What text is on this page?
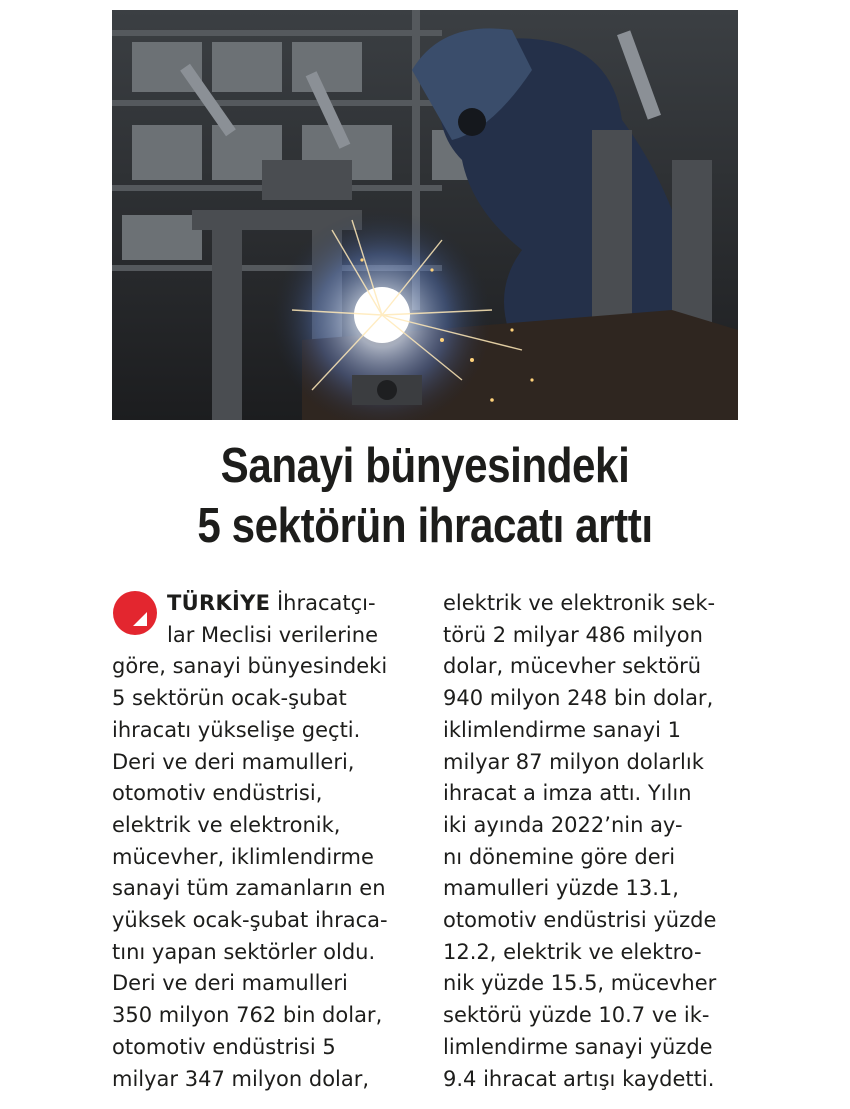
Sanayi bünyesindeki
5 sektörün ihracatı arttı
TÜRKİYE İhracatçı-
lar Meclisi verilerine
göre, sanayi bünyesindeki
5 sektörün ocak-şubat
ihracatı yükselişe geçti.
Deri ve deri mamulleri,
otomotiv endüstrisi,
elektrik ve elektronik,
mücevher, iklimlendirme
sanayi tüm zamanların en
yüksek ocak-şubat ihraca-
tını yapan sektörler oldu.
Deri ve deri mamulleri
350 milyon 762 bin dolar,
otomotiv endüstrisi 5
milyar 347 milyon dolar,
elektrik ve elektronik sek-
törü 2 milyar 486 milyon
dolar, mücevher sektörü
940 milyon 248 bin dolar,
iklimlendirme sanayi 1
milyar 87 milyon dolarlık
ihracat a imza attı. Yılın
iki ayında 2022’nin ay-
nı dönemine göre deri
mamulleri yüzde 13.1,
otomotiv endüstrisi yüzde
12.2, elektrik ve elektro-
nik yüzde 15.5, mücevher
sektörü yüzde 10.7 ve ik-
limlendirme sanayi yüzde
9.4 ihracat artışı kaydetti.
